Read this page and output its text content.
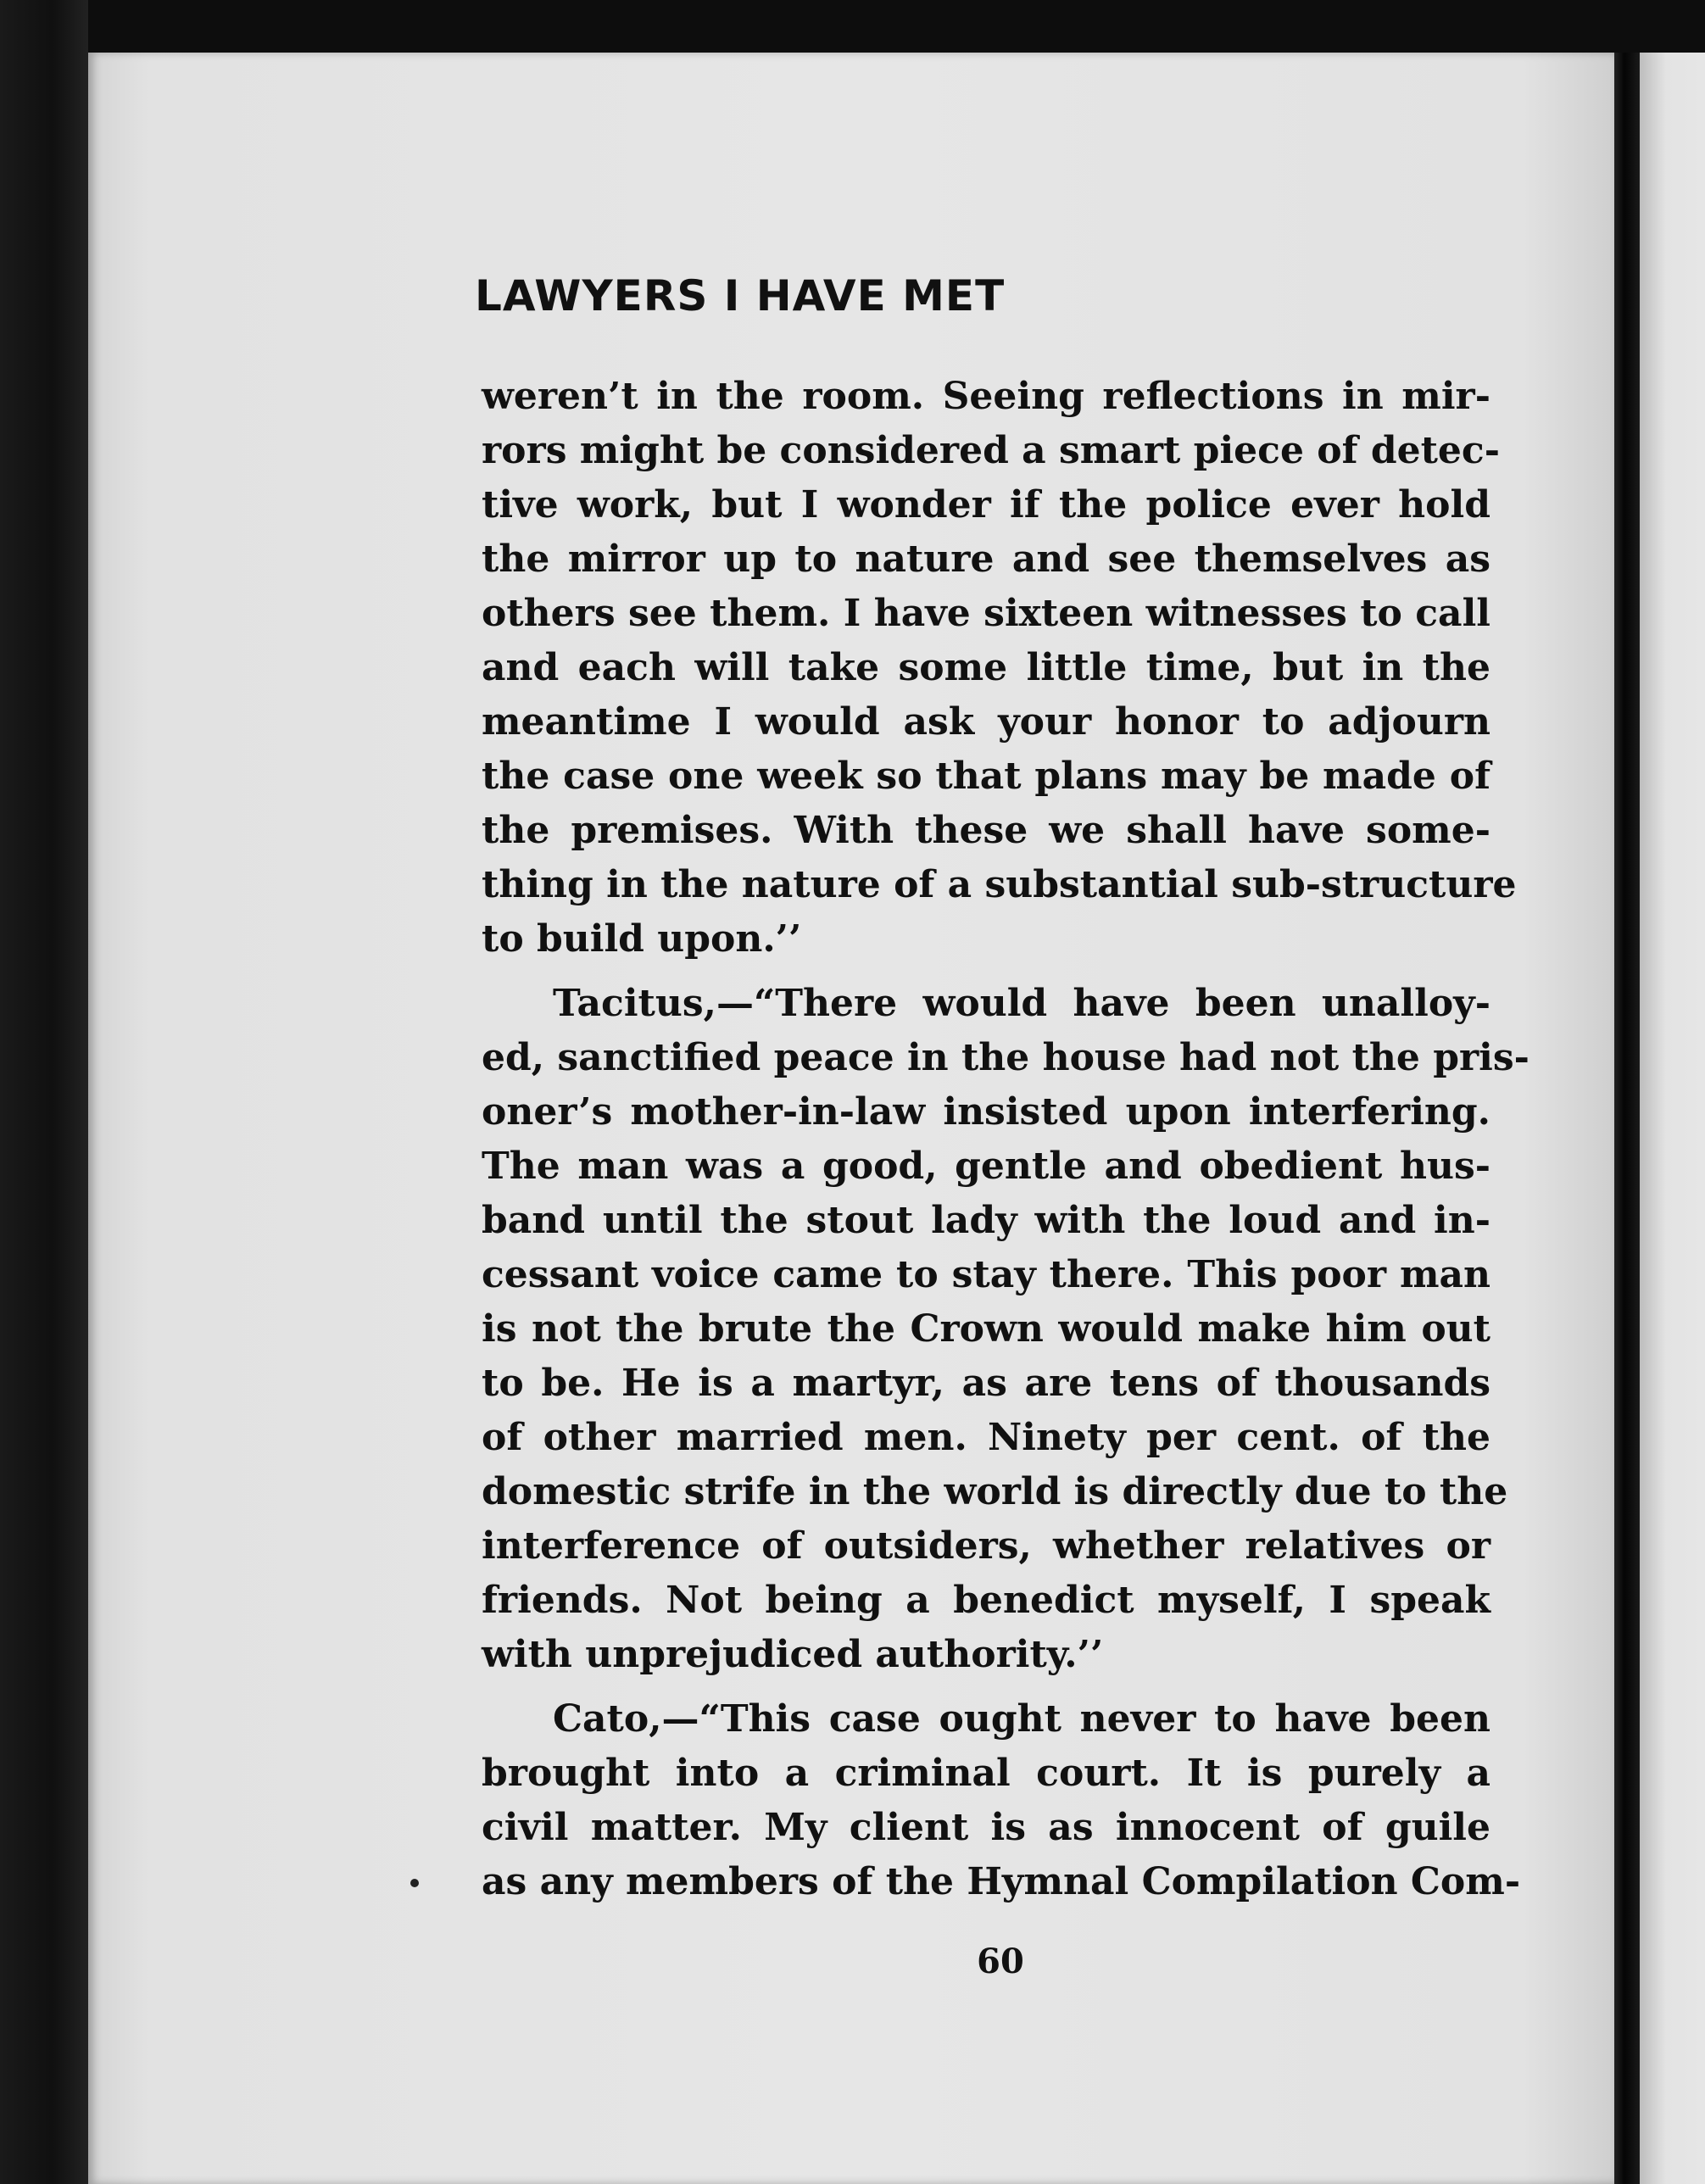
LAWYERS I HAVE MET
weren’t in the room. Seeing reflections in mir-
rors might be considered a smart piece of detec-
tive work, but I wonder if the police ever hold
the mirror up to nature and see themselves as
others see them. I have sixteen witnesses to call
and each will take some little time, but in the
meantime I would ask your honor to adjourn
the case one week so that plans may be made of
the premises. With these we shall have some-
thing in the nature of a substantial sub-structure
to build upon.’’
Tacitus,—“There would have been unalloy-
ed, sanctified peace in the house had not the pris-
oner’s mother-in-law insisted upon interfering.
The man was a good, gentle and obedient hus-
band until the stout lady with the loud and in-
cessant voice came to stay there. This poor man
is not the brute the Crown would make him out
to be. He is a martyr, as are tens of thousands
of other married men. Ninety per cent. of the
domestic strife in the world is directly due to the
interference of outsiders, whether relatives or
friends. Not being a benedict myself, I speak
with unprejudiced authority.’’
Cato,—“This case ought never to have been
brought into a criminal court. It is purely a
civil matter. My client is as innocent of guile
as any members of the Hymnal Compilation Com-
60
